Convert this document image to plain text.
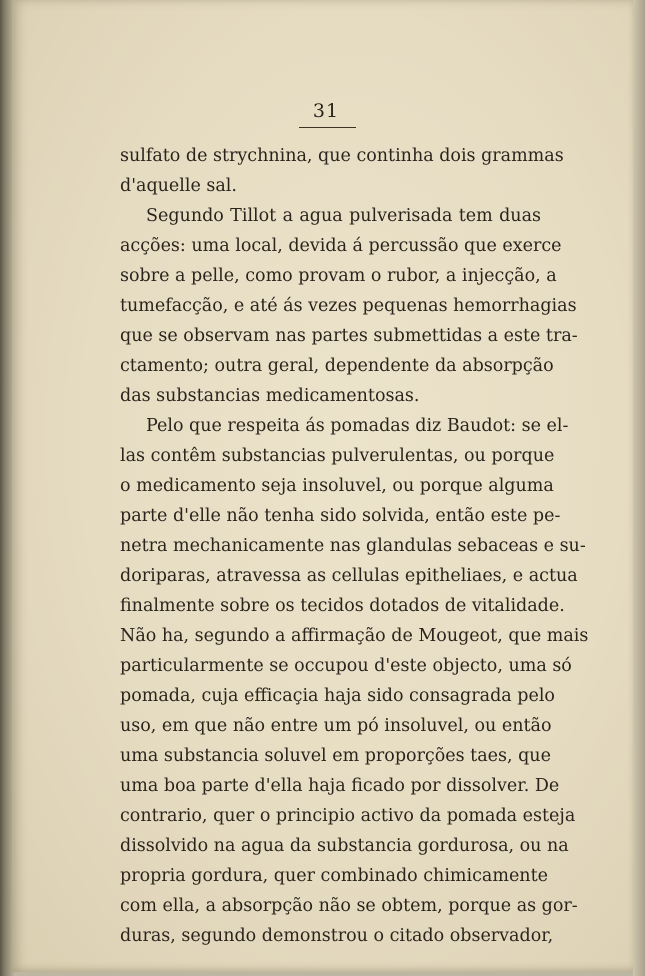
31
sulfato de strychnina, que continha dois grammas
d'aquelle sal.
Segundo Tillot a agua pulverisada tem duas
acções: uma local, devida á percussão que exerce
sobre a pelle, como provam o rubor, a injecção, a
tumefacção, e até ás vezes pequenas hemorrhagias
que se observam nas partes submettidas a este tra-
ctamento; outra geral, dependente da absorpção
das substancias medicamentosas.
Pelo que respeita ás pomadas diz Baudot: se el-
las contêm substancias pulverulentas, ou porque
o medicamento seja insoluvel, ou porque alguma
parte d'elle não tenha sido solvida, então este pe-
netra mechanicamente nas glandulas sebaceas e su-
doriparas, atravessa as cellulas epitheliaes, e actua
finalmente sobre os tecidos dotados de vitalidade.
Não ha, segundo a affirmação de Mougeot, que mais
particularmente se occupou d'este objecto, uma só
pomada, cuja efficaçia haja sido consagrada pelo
uso, em que não entre um pó insoluvel, ou então
uma substancia soluvel em proporções taes, que
uma boa parte d'ella haja ficado por dissolver. De
contrario, quer o principio activo da pomada esteja
dissolvido na agua da substancia gordurosa, ou na
propria gordura, quer combinado chimicamente
com ella, a absorpção não se obtem, porque as gor-
duras, segundo demonstrou o citado observador,
